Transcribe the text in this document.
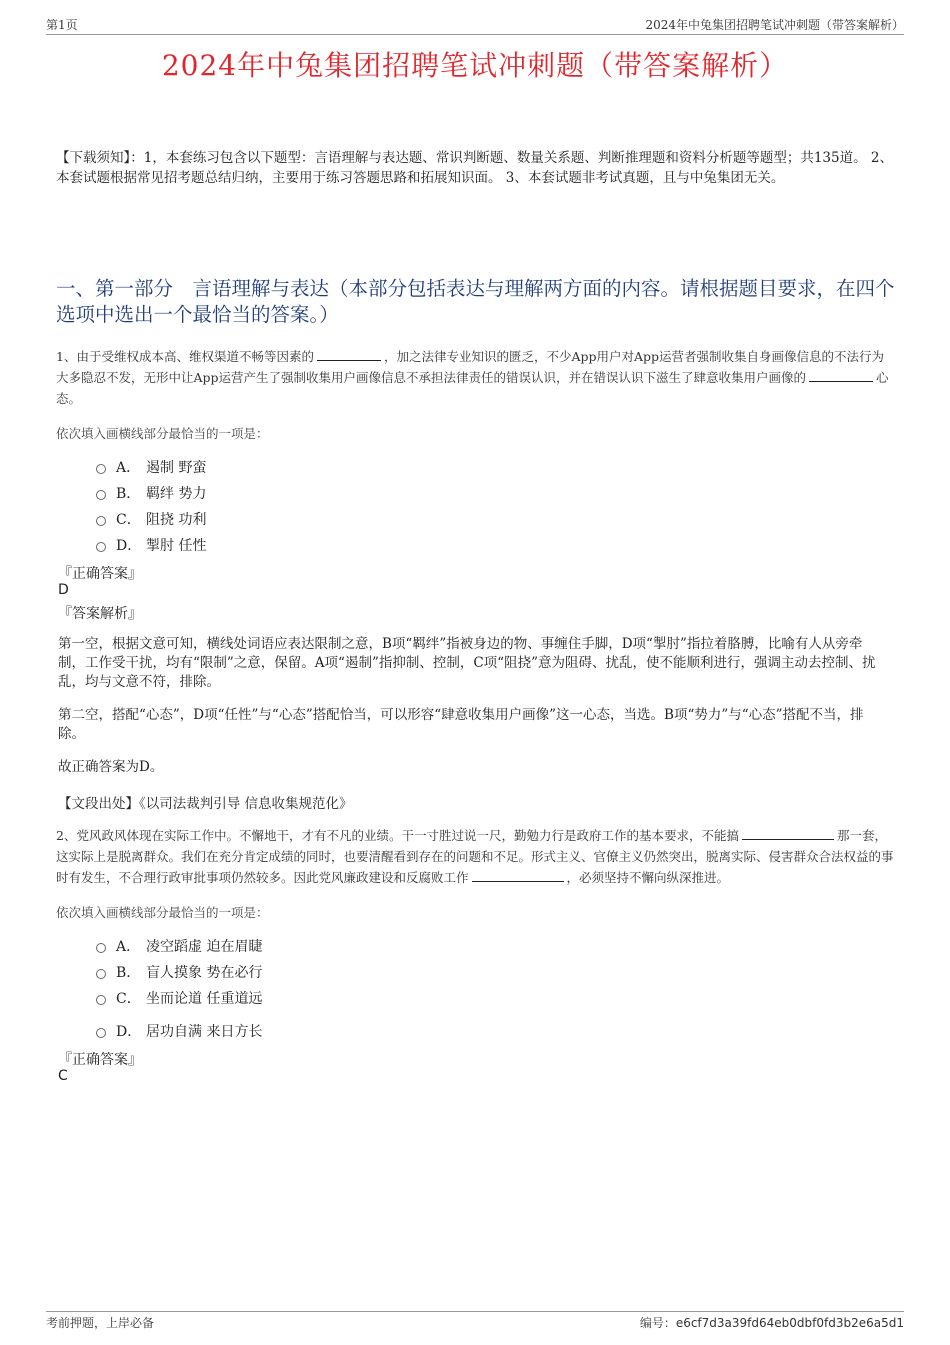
第1页	2024年中兔集团招聘笔试冲刺题（带答案解析）
2024年中兔集团招聘笔试冲刺题（带答案解析）
【下载须知】：1，本套练习包含以下题型：言语理解与表达题、常识判断题、数量关系题、判断推理题和资料分析题等题型；共135道。 2、本套试题根据常见招考题总结归纳，主要用于练习答题思路和拓展知识面。 3、本套试题非考试真题，且与中兔集团无关。
一、第一部分　言语理解与表达（本部分包括表达与理解两方面的内容。请根据题目要求，在四个选项中选出一个最恰当的答案。）
1、由于受维权成本高、维权渠道不畅等因素的	，加之法律专业知识的匮乏，不少App用户对App运营者强制收集自身画像信息的不法行为大多隐忍不发，无形中让App运营产生了强制收集用户画像信息不承担法律责任的错误认识，并在错误认识下滋生了肆意收集用户画像的	心态。
依次填入画横线部分最恰当的一项是：
A． 遏制 野蛮
B． 羁绊 势力
C． 阻挠 功利
D． 掣肘 任性
『正确答案』
D
『答案解析』
第一空，根据文意可知，横线处词语应表达限制之意，B项“羁绊”指被身边的物、事缠住手脚，D项“掣肘”指拉着胳膊，比喻有人从旁牵制，工作受干扰，均有“限制”之意，保留。A项“遏制”指抑制、控制，C项“阻挠”意为阻碍、扰乱，使不能顺利进行，强调主动去控制、扰乱，均与文意不符，排除。
第二空，搭配“心态”，D项“任性”与“心态”搭配恰当，可以形容“肆意收集用户画像”这一心态，当选。B项“势力”与“心态”搭配不当，排除。
故正确答案为D。
【文段出处】《以司法裁判引导 信息收集规范化》
2、党风政风体现在实际工作中。不懈地干，才有不凡的业绩。干一寸胜过说一尺，勤勉力行是政府工作的基本要求，不能搞	那一套，这实际上是脱离群众。我们在充分肯定成绩的同时，也要清醒看到存在的问题和不足。形式主义、官僚主义仍然突出，脱离实际、侵害群众合法权益的事时有发生，不合理行政审批事项仍然较多。因此党风廉政建设和反腐败工作	，必须坚持不懈向纵深推进。
依次填入画横线部分最恰当的一项是：
A． 凌空蹈虚 迫在眉睫
B． 盲人摸象 势在必行
C． 坐而论道 任重道远
D． 居功自满 来日方长
『正确答案』
C
考前押题，上岸必备	编号：e6cf7d3a39fd64eb0dbf0fd3b2e6a5d1
